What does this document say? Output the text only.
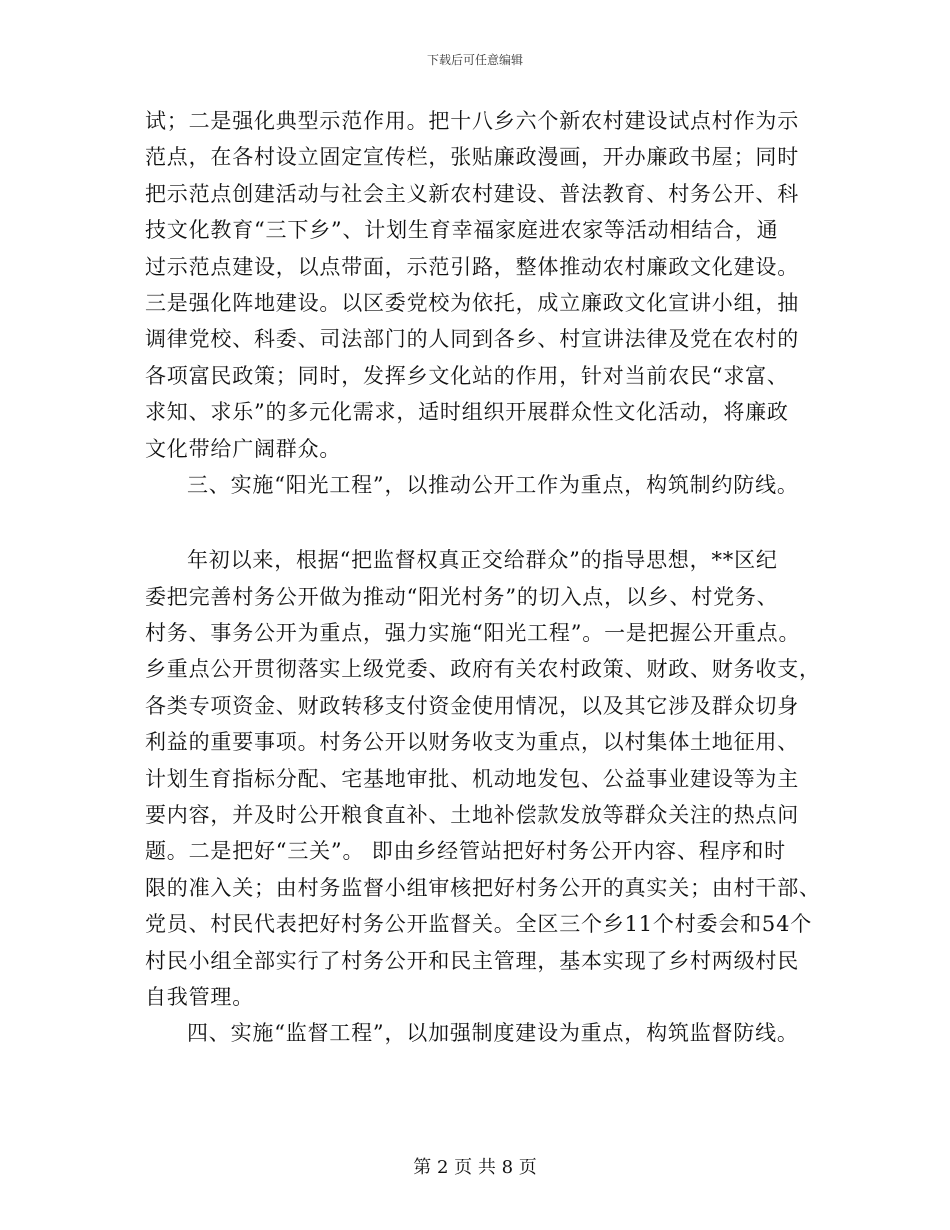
下载后可任意编辑
试；二是强化典型示范作用。把十八乡六个新农村建设试点村作为示
范点，在各村设立固定宣传栏，张贴廉政漫画，开办廉政书屋；同时
把示范点创建活动与社会主义新农村建设、普法教育、村务公开、科
技文化教育“三下乡”、计划生育幸福家庭进农家等活动相结合，通
过示范点建设，以点带面，示范引路，整体推动农村廉政文化建设。
三是强化阵地建设。以区委党校为依托，成立廉政文化宣讲小组，抽
调律党校、科委、司法部门的人同到各乡、村宣讲法律及党在农村的
各项富民政策；同时，发挥乡文化站的作用，针对当前农民“求富、
求知、求乐”的多元化需求，适时组织开展群众性文化活动，将廉政
文化带给广阔群众。
三、实施“阳光工程”，以推动公开工作为重点，构筑制约防线。
年初以来，根据“把监督权真正交给群众”的指导思想，**区纪
委把完善村务公开做为推动“阳光村务”的切入点，以乡、村党务、
村务、事务公开为重点，强力实施“阳光工程”。一是把握公开重点。
乡重点公开贯彻落实上级党委、政府有关农村政策、财政、财务收支，
各类专项资金、财政转移支付资金使用情况，以及其它涉及群众切身
利益的重要事项。村务公开以财务收支为重点，以村集体土地征用、
计划生育指标分配、宅基地审批、机动地发包、公益事业建设等为主
要内容，并及时公开粮食直补、土地补偿款发放等群众关注的热点问
题。二是把好“三关”。 即由乡经管站把好村务公开内容、程序和时
限的准入关；由村务监督小组审核把好村务公开的真实关；由村干部、
党员、村民代表把好村务公开监督关。全区三个乡11个村委会和54个
村民小组全部实行了村务公开和民主管理，基本实现了乡村两级村民
自我管理。
四、实施“监督工程”，以加强制度建设为重点，构筑监督防线。
第 2 页 共 8 页
